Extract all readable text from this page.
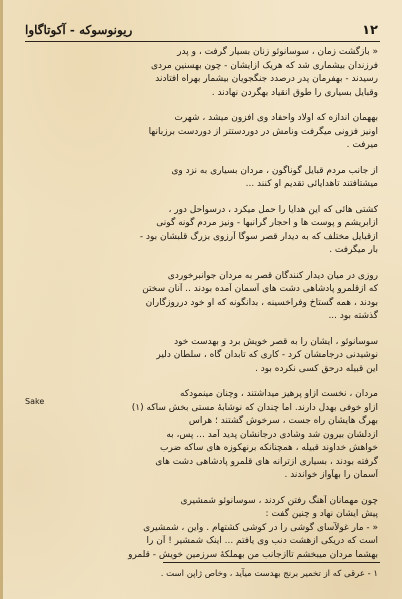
۱۲
ریونوسوکه - آکوتاگاوا
« بازگشت زمان ، سوسانوئو زنان بسیار گرفت ، و پدر
فرزندان بیشماری شد که هریک ازایشان - چون بهسنین مردی
رسیدند - بهفرمان پدر درصدد جنگجویان بیشمار بهراه افتادند
وقبایل بسیاری را طوق انقیاد بهگردن نهادند .
بههمان اندازه که اولاد واحفاد وی افزون میشد ، شهرت
اونیز فزونی میگرفت ونامش در دوردستتر از دوردست برزبانها
میرفت .
از جانب مردم قبایل گوناگون ، مردان بسیاری به نزد وی
میشتافتند تاهدایائی تقدیم او کنند ...
کشتی هائی که این هدایا را حمل میکرد ، درسواحل دور ،
ازابریشم و پوست ها و احجار گرانبها - ونیز مردم گونه گونی
ازقبایل مختلف که به دیدار قصر سوگا آرزوی بزرگ قلبشان بود -
بار میگرفت .
روزی در میان دیدار کنندگان قصر به مردان جوانبرخوردی
که ازقلمرو پادشاهی دشت های آسمان آمده بودند .. آنان سختن
بودند ، همه گستاخ وفراخسینه ، بدانگونه که او خود درروزگاران
گذشته بود ...
سوسانوئو ، ایشان را به قصر خویش برد و بهدست خود
نوشیدنی درجامشان کرد - کاری که تابدان گاه ، سلطان دلیر
این قبیله درحق کسی نکرده بود .
مردان ، نخست ازاو پرهیز میداشتند ، وچنان مینمودکه
ازاو خوفی بهدل دارند. اما چندان که نوشابهٔ مستی بخش ساکه (۱)
بهرگ هایشان راه جست ، سرخوش گشتند ؛ هراس
ازدلشان بیرون شد وشادی درجانشان پدید آمد ... پس، به
خواهش خداوند قبیله ، همچنانکه برنهکوزه های ساکه ضرب
گرفته بودند ، بسیاری ازترانه های قلمرو پادشاهی دشت های
آسمان را بهآواز خواندند .
چون مهمانان آهنگ رفتن کردند ، سوسانوئو شمشیری
پیش ایشان نهاد و چنین گفت :
« - مار غولآسای گوشی را در کوشی کشتهام . واین ، شمشیری
است که دریکی ازهشت دنب وی یافتم ... اینک شمشیر ! آن را
بهشما مردان میبخشم تاازجانب من بهملکهٔ سرزمین خویش - قلمرو
Sake
۱ - عرقی که از تخمیر برنج بهدست میآید ، وخاص ژاپن است .
